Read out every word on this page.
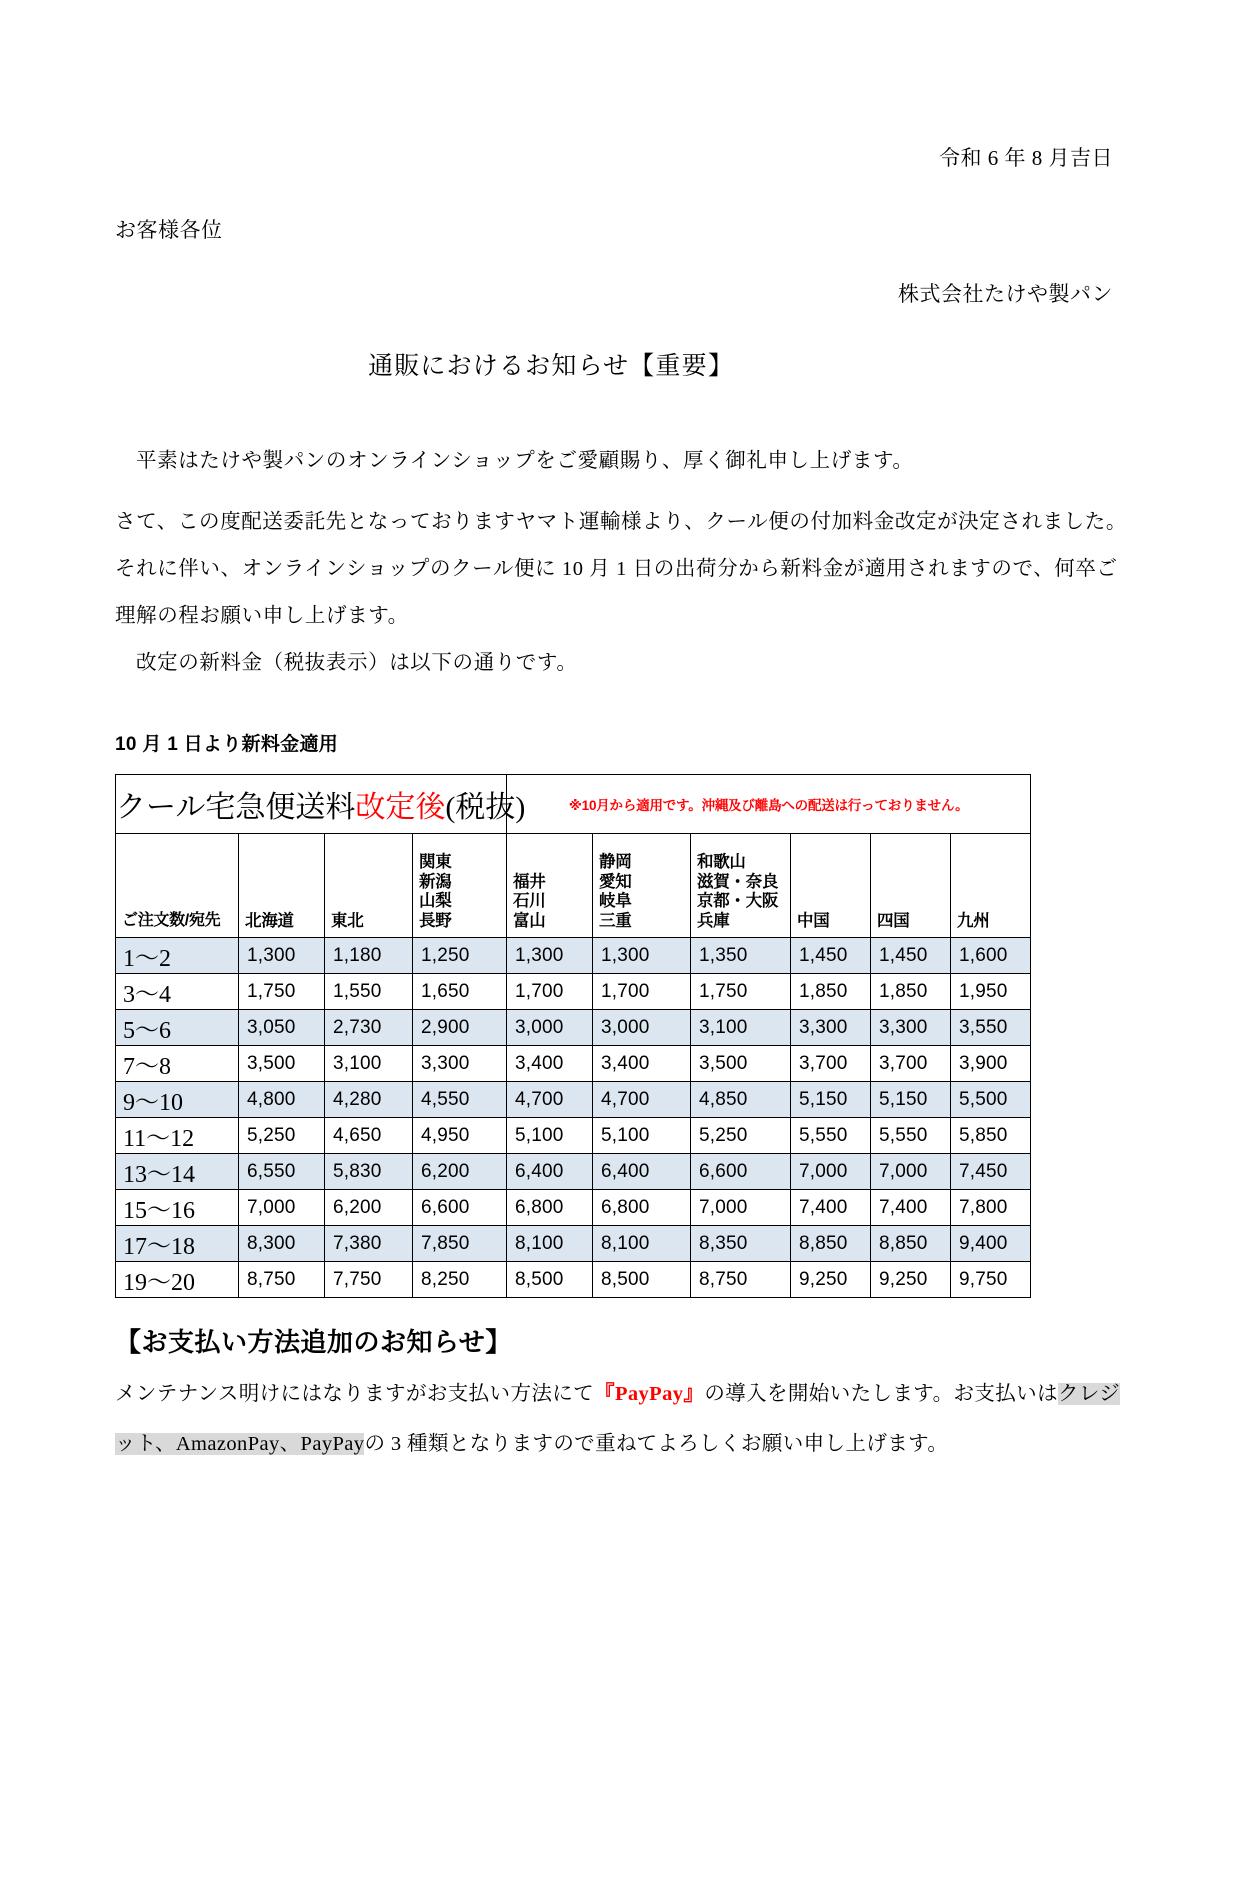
令和 6 年 8 月吉日
お客様各位
株式会社たけや製パン
通販におけるお知らせ【重要】

平素はたけや製パンのオンラインショップをご愛顧賜り、厚く御礼申し上げます。

さて、この度配送委託先となっておりますヤマト運輸様より、クール便の付加料金改定が決定されました。

それに伴い、オンラインショップのクール便に 10 月 1 日の出荷分から新料金が適用されますので、何卒ご

理解の程お願い申し上げます。

改定の新料金（税抜表示）は以下の通りです。

10 月 1 日より新料金適用
クール宅急便送料改定後(税抜)				※10月から適用です。沖縄及び離島への配送は行っておりません。					
ご注文数/宛先	北海道	東北	関東
新潟
山梨
長野	福井
石川
富山	静岡
愛知
岐阜
三重	和歌山
滋賀・奈良
京都・大阪
兵庫	中国	四国	九州

1〜2	1,300	1,180	1,250	1,300	1,300	1,350	1,450	1,450	1,600
3〜4	1,750	1,550	1,650	1,700	1,700	1,750	1,850	1,850	1,950
5〜6	3,050	2,730	2,900	3,000	3,000	3,100	3,300	3,300	3,550
7〜8	3,500	3,100	3,300	3,400	3,400	3,500	3,700	3,700	3,900
9〜10	4,800	4,280	4,550	4,700	4,700	4,850	5,150	5,150	5,500
11〜12	5,250	4,650	4,950	5,100	5,100	5,250	5,550	5,550	5,850
13〜14	6,550	5,830	6,200	6,400	6,400	6,600	7,000	7,000	7,450
15〜16	7,000	6,200	6,600	6,800	6,800	7,000	7,400	7,400	7,800
17〜18	8,300	7,380	7,850	8,100	8,100	8,350	8,850	8,850	9,400
19〜20	8,750	7,750	8,250	8,500	8,500	8,750	9,250	9,250	9,750
【お支払い方法追加のお知らせ】
メンテナンス明けにはなりますがお支払い方法にて『PayPay』の導入を開始いたします。お支払いはクレジット、AmazonPay、PayPayの 3 種類となりますので重ねてよろしくお願い申し上げます。
